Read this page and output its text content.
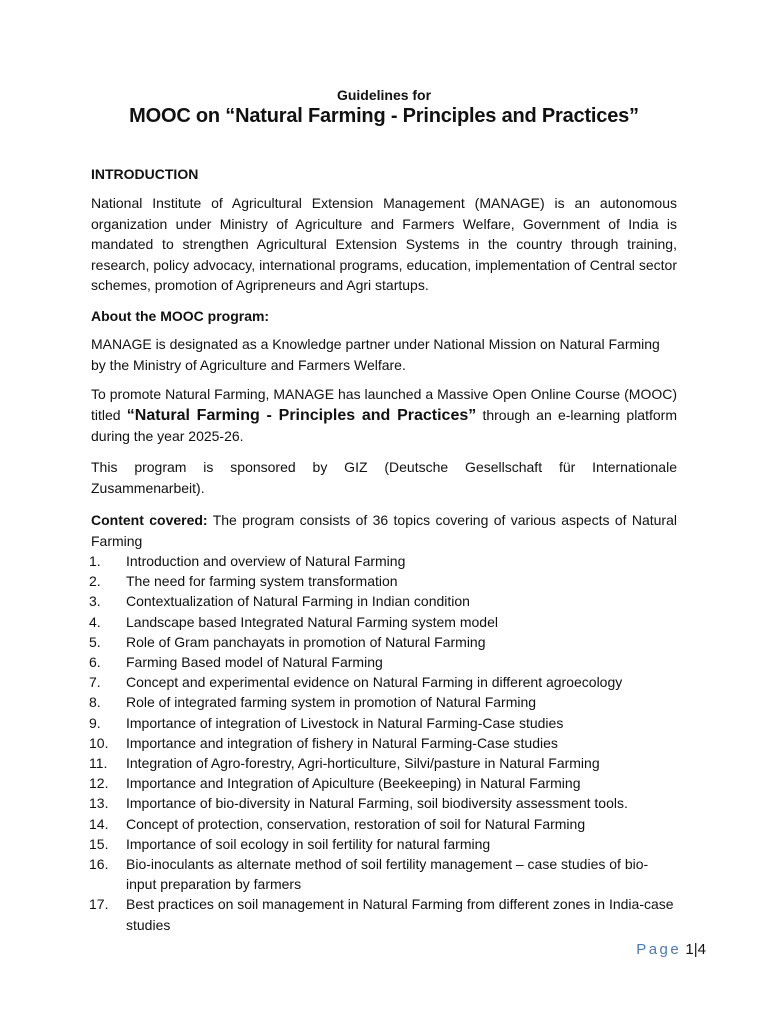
Guidelines for
MOOC on “Natural Farming - Principles and Practices”
INTRODUCTION
National Institute of Agricultural Extension Management (MANAGE) is an autonomous organization under Ministry of Agriculture and Farmers Welfare, Government of India is mandated to strengthen Agricultural Extension Systems in the country through training, research, policy advocacy, international programs, education, implementation of Central sector schemes, promotion of Agripreneurs and Agri startups.
About the MOOC program:
MANAGE is designated as a Knowledge partner under National Mission on Natural Farming by the Ministry of Agriculture and Farmers Welfare.
To promote Natural Farming, MANAGE has launched a Massive Open Online Course (MOOC) titled “Natural Farming - Principles and Practices” through an e-learning platform during the year 2025-26.
This program is sponsored by GIZ (Deutsche Gesellschaft für Internationale Zusammenarbeit).
Content covered: The program consists of 36 topics covering of various aspects of Natural Farming
1. Introduction and overview of Natural Farming
2. The need for farming system transformation
3. Contextualization of Natural Farming in Indian condition
4. Landscape based Integrated Natural Farming system model
5. Role of Gram panchayats in promotion of Natural Farming
6. Farming Based model of Natural Farming
7. Concept and experimental evidence on Natural Farming in different agroecology
8. Role of integrated farming system in promotion of Natural Farming
9. Importance of integration of Livestock in Natural Farming-Case studies
10. Importance and integration of fishery in Natural Farming-Case studies
11. Integration of Agro-forestry, Agri-horticulture, Silvi/pasture in Natural Farming
12. Importance and Integration of Apiculture (Beekeeping) in Natural Farming
13. Importance of bio-diversity in Natural Farming, soil biodiversity assessment tools.
14. Concept of protection, conservation, restoration of soil for Natural Farming
15. Importance of soil ecology in soil fertility for natural farming
16. Bio-inoculants as alternate method of soil fertility management – case studies of bio-input preparation by farmers
17. Best practices on soil management in Natural Farming from different zones in India-case studies
Page 1|4
